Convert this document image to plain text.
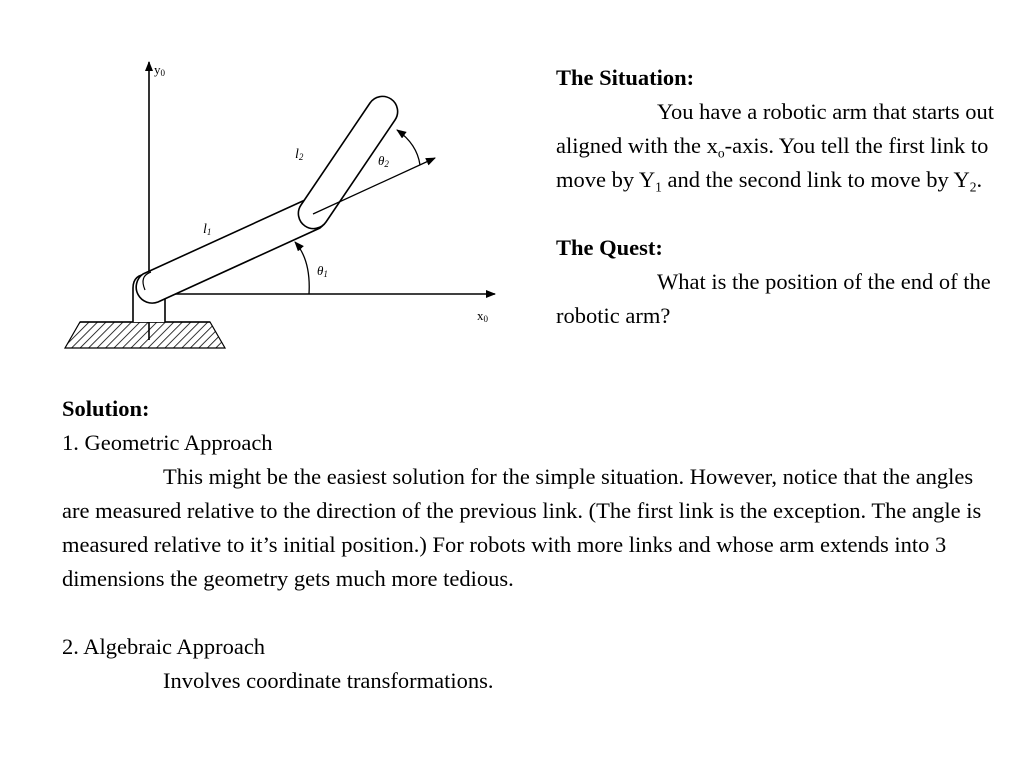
y0
x0
θ1
θ2
l1
l2
The Situation:
You have a robotic arm that starts out aligned with the $x_o$-axis. You tell the first link to move by $Y_1$ and the second link to move by $Y_2$.
The Quest:
What is the position of the end of the robotic arm?
Solution:
1. Geometric Approach
This might be the easiest solution for the simple situation. However, notice that the angles are measured relative to the direction of the previous link. (The first link is the exception. The angle is measured relative to it’s initial position.) For robots with more links and whose arm extends into 3 dimensions the geometry gets much more tedious.
2. Algebraic Approach
Involves coordinate transformations.
